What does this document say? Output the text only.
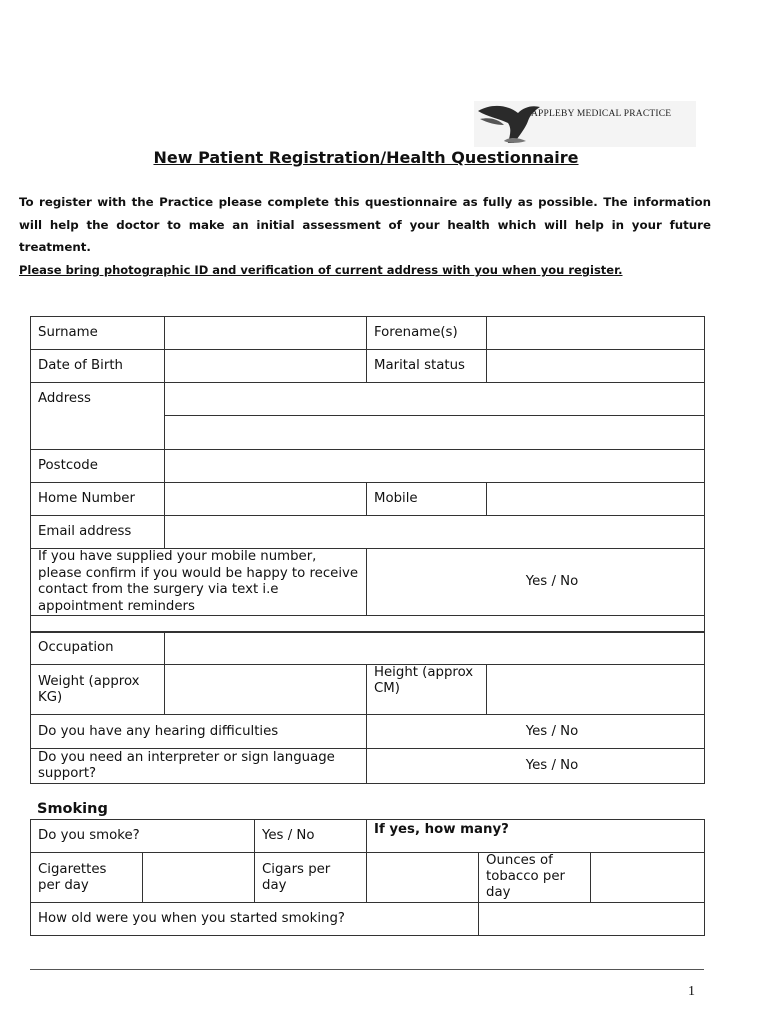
APPLEBY MEDICAL PRACTICE
New Patient Registration/Health Questionnaire

To register with the Practice please complete this questionnaire as fully as possible. The information will help the doctor to make an initial assessment of your health which will help in your future treatment.

Please bring photographic ID and verification of current address with you when you register.

Surname		Forename(s)	
Date of Birth		Marital status	
Address			

Postcode			
Home Number		Mobile	
Email address			
If you have supplied your mobile number, please confirm if you would be happy to receive contact from the surgery via text i.e appointment reminders		Yes / No	

Occupation			

Weight (approx KG)		Height (approx CM)	

Do you have any hearing difficulties		Yes / No	
Do you need an interpreter or sign language support?		Yes / No	

Smoking

Do you smoke?		Yes / No	If yes, how many?		

Cigarettes per day		Cigars per day		Ounces of tobacco per day	

How old were you when you started smoking?					
1
